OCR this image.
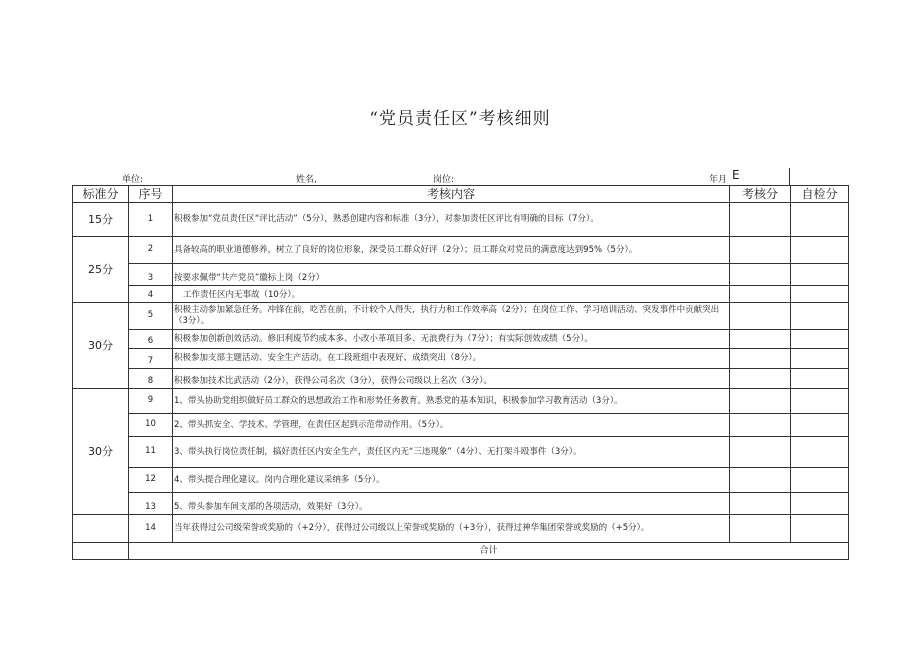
“党员责任区”考核细则
单位:	姓名,	岗位:	年月 E
标准分	序号	考核内容	考核分	自检分
15分	1	积极参加“党员责任区“评比活动”（5分），熟悉创建内容和标准（3分），对参加责任区评比有明确的目标（7分）。		
25分	2	具备较高的职业道德修养，树立了良好的岗位形象，深受员工群众好评（2分）；员工群众对党员的满意度达到95%（5分）。		
	3	按要求佩带“共产党员”徽标上岗（2分）		
	4	工作责任区内无事故（10分）。		
30分	5	积极主动参加紧急任务。冲锋在前，吃苦在前，不计较个人得失，执行力和工作效率高（2分）；在岗位工作、学习培训活动、突发事件中贡献突出（3分）。		
	6	积极参加创新创效活动。修旧利废节约成本多、小改小革项目多、无浪费行为（7分）；有实际创效成绩（5分）。		
	7	积极参加支部主题活动、安全生产活动。在工段班组中表现好、成绩突出（8分）。		
	8	积极参加技术比武活动（2分），获得公司名次（3分），获得公司级以上名次（3分）。		
30分	9	1、带头协助党组织做好员工群众的思想政治工作和形势任务教育。熟悉党的基本知识，积极参加学习教育活动（3分）。		
	10	2、带头抓安全、学技术、学管理，在责任区起到示范带动作用。（5分）。		
	11	3、带头执行岗位责任制，搞好责任区内安全生产，责任区内无“三违现象”（4分）、无打架斗殴事件（3分）。		
	12	4、带头提合理化建议。岗内合理化建议采纳多（5分）。		
	13	5、带头参加车间支部的各项活动，效果好（3分）。		
	14	当年获得过公司级荣誉或奖励的（+2分），获得过公司级以上荣誉或奖励的（+3分），获得过神华集团荣誉或奖励的（+5分）。		
	合计			
